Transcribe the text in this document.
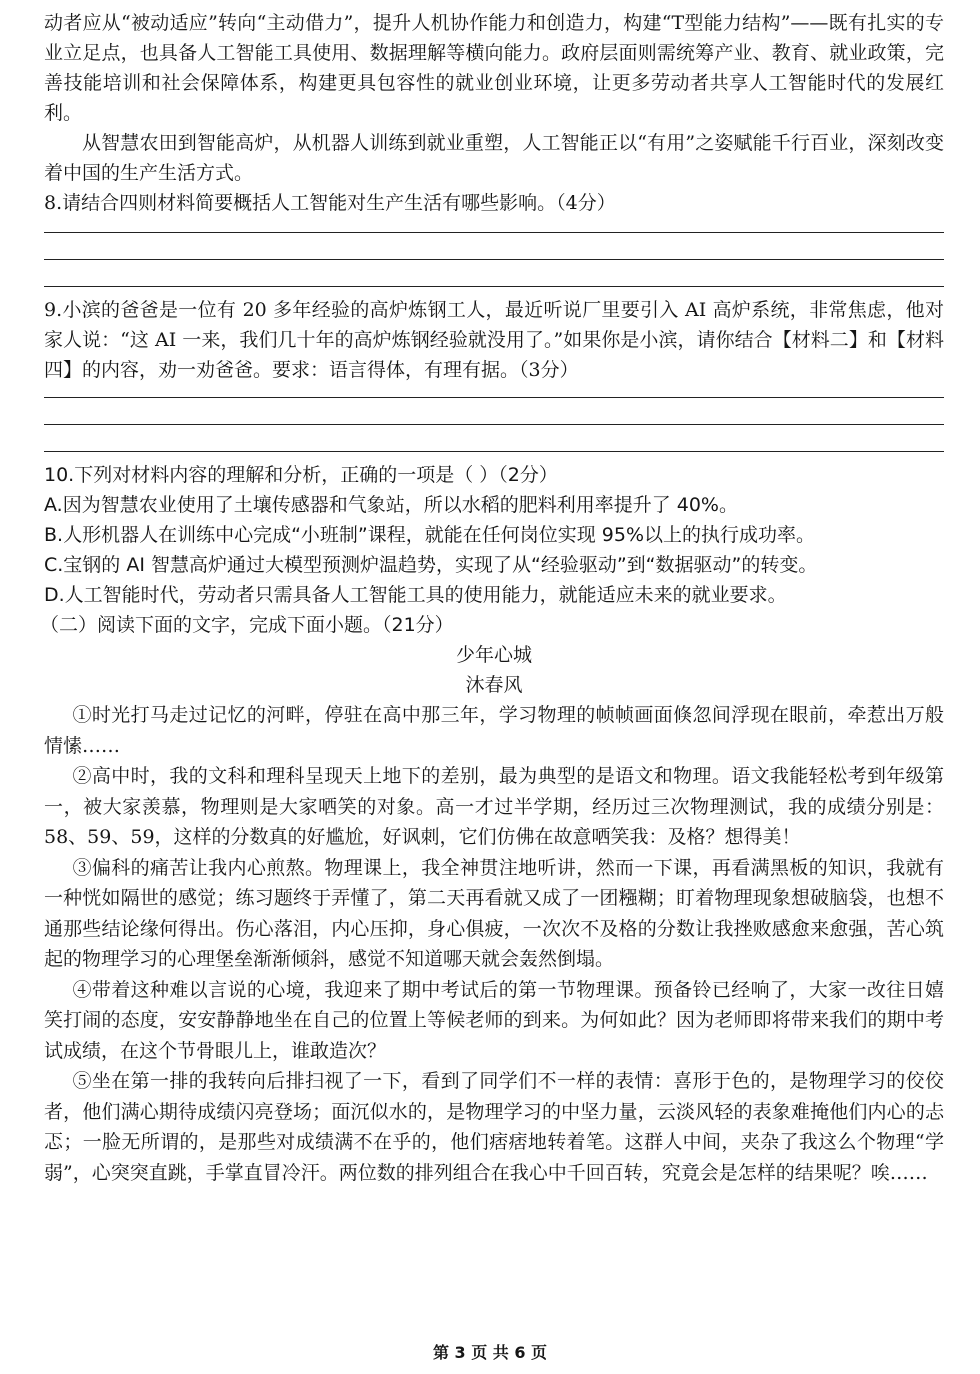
动者应从“被动适应”转向“主动借力”，提升人机协作能力和创造力，构建“T型能力结构”——既有扎实的专业立足点，也具备人工智能工具使用、数据理解等横向能力。政府层面则需统筹产业、教育、就业政策，完善技能培训和社会保障体系，构建更具包容性的就业创业环境，让更多劳动者共享人工智能时代的发展红利。

从智慧农田到智能高炉，从机器人训练到就业重塑，人工智能正以“有用”之姿赋能千行百业，深刻改变着中国的生产生活方式。

8.请结合四则材料简要概括人工智能对生产生活有哪些影响。（4分）

9.小滨的爸爸是一位有 20 多年经验的高炉炼钢工人，最近听说厂里要引入 AI 高炉系统，非常焦虑，他对家人说：“这 AI 一来，我们几十年的高炉炼钢经验就没用了。”如果你是小滨，请你结合【材料二】和【材料四】的内容，劝一劝爸爸。要求：语言得体，有理有据。（3分）

10.下列对材料内容的理解和分析，正确的一项是（ ）（2分）

A.因为智慧农业使用了土壤传感器和气象站，所以水稻的肥料利用率提升了 40%。

B.人形机器人在训练中心完成“小班制”课程，就能在任何岗位实现 95%以上的执行成功率。

C.宝钢的 AI 智慧高炉通过大模型预测炉温趋势，实现了从“经验驱动”到“数据驱动”的转变。

D.人工智能时代，劳动者只需具备人工智能工具的使用能力，就能适应未来的就业要求。

（二）阅读下面的文字，完成下面小题。（21分）

少年心城

沐春风

①时光打马走过记忆的河畔，停驻在高中那三年，学习物理的帧帧画面倏忽间浮现在眼前，牵惹出万般情愫……

②高中时，我的文科和理科呈现天上地下的差别，最为典型的是语文和物理。语文我能轻松考到年级第一，被大家羡慕，物理则是大家哂笑的对象。高一才过半学期，经历过三次物理测试，我的成绩分别是：58、59、59，这样的分数真的好尴尬，好讽刺，它们仿佛在故意哂笑我：及格？想得美！

③偏科的痛苦让我内心煎熬。物理课上，我全神贯注地听讲，然而一下课，再看满黑板的知识，我就有一种恍如隔世的感觉；练习题终于弄懂了，第二天再看就又成了一团糨糊；盯着物理现象想破脑袋，也想不通那些结论缘何得出。伤心落泪，内心压抑，身心俱疲，一次次不及格的分数让我挫败感愈来愈强，苦心筑起的物理学习的心理堡垒渐渐倾斜，感觉不知道哪天就会轰然倒塌。

④带着这种难以言说的心境，我迎来了期中考试后的第一节物理课。预备铃已经响了，大家一改往日嬉笑打闹的态度，安安静静地坐在自己的位置上等候老师的到来。为何如此？因为老师即将带来我们的期中考试成绩，在这个节骨眼儿上，谁敢造次？

⑤坐在第一排的我转向后排扫视了一下，看到了同学们不一样的表情：喜形于色的，是物理学习的佼佼者，他们满心期待成绩闪亮登场；面沉似水的，是物理学习的中坚力量，云淡风轻的表象难掩他们内心的忐忑；一脸无所谓的，是那些对成绩满不在乎的，他们痞痞地转着笔。这群人中间，夹杂了我这么个物理“学弱”，心突突直跳，手掌直冒冷汗。两位数的排列组合在我心中千回百转，究竟会是怎样的结果呢？唉……

第 3 页 共 6 页
